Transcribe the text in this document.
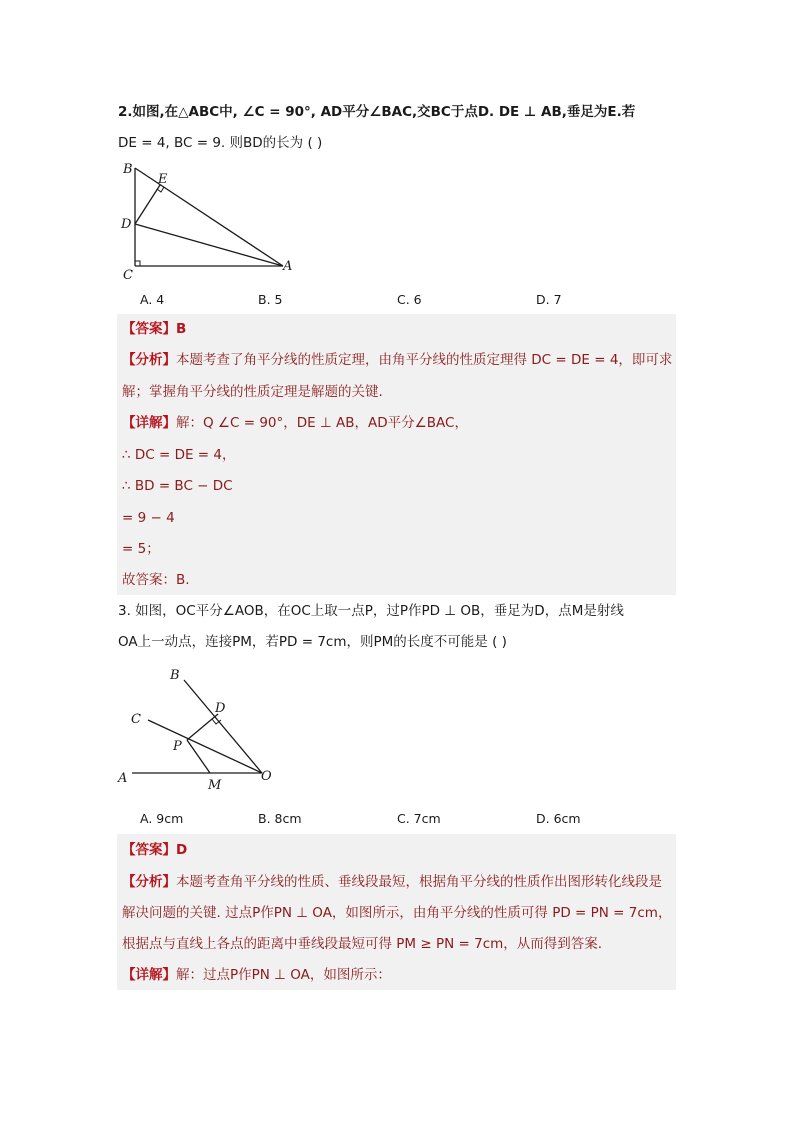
2.如图,在△ABC中, ∠C = 90°, AD平分∠BAC,交BC于点D. DE ⊥ AB,垂足为E.若
DE = 4, BC = 9. 则BD的长为 ( )
B
E
D
C
A
A. 4	B. 5	C. 6	D. 7
【答案】B
【分析】本题考查了角平分线的性质定理，由角平分线的性质定理得 DC = DE = 4，即可求
解；掌握角平分线的性质定理是解题的关键.
【详解】解：Q ∠C = 90°，DE ⊥ AB，AD平分∠BAC，
∴ DC = DE = 4，
∴ BD = BC − DC
= 9 − 4
= 5；
故答案：B.
3. 如图，OC平分∠AOB，在OC上取一点P，过P作PD ⊥ OB，垂足为D，点M是射线
OA上一动点，连接PM，若PD = 7cm，则PM的长度不可能是 ( )
B
D
C
P
A	M
O
A. 9cm	B. 8cm	C. 7cm	D. 6cm
【答案】D
【分析】本题考查角平分线的性质、垂线段最短，根据角平分线的性质作出图形转化线段是
解决问题的关键. 过点P作PN ⊥ OA，如图所示，由角平分线的性质可得 PD = PN = 7cm，
根据点与直线上各点的距离中垂线段最短可得 PM ≥ PN = 7cm，从而得到答案.
【详解】解：过点P作PN ⊥ OA，如图所示：
